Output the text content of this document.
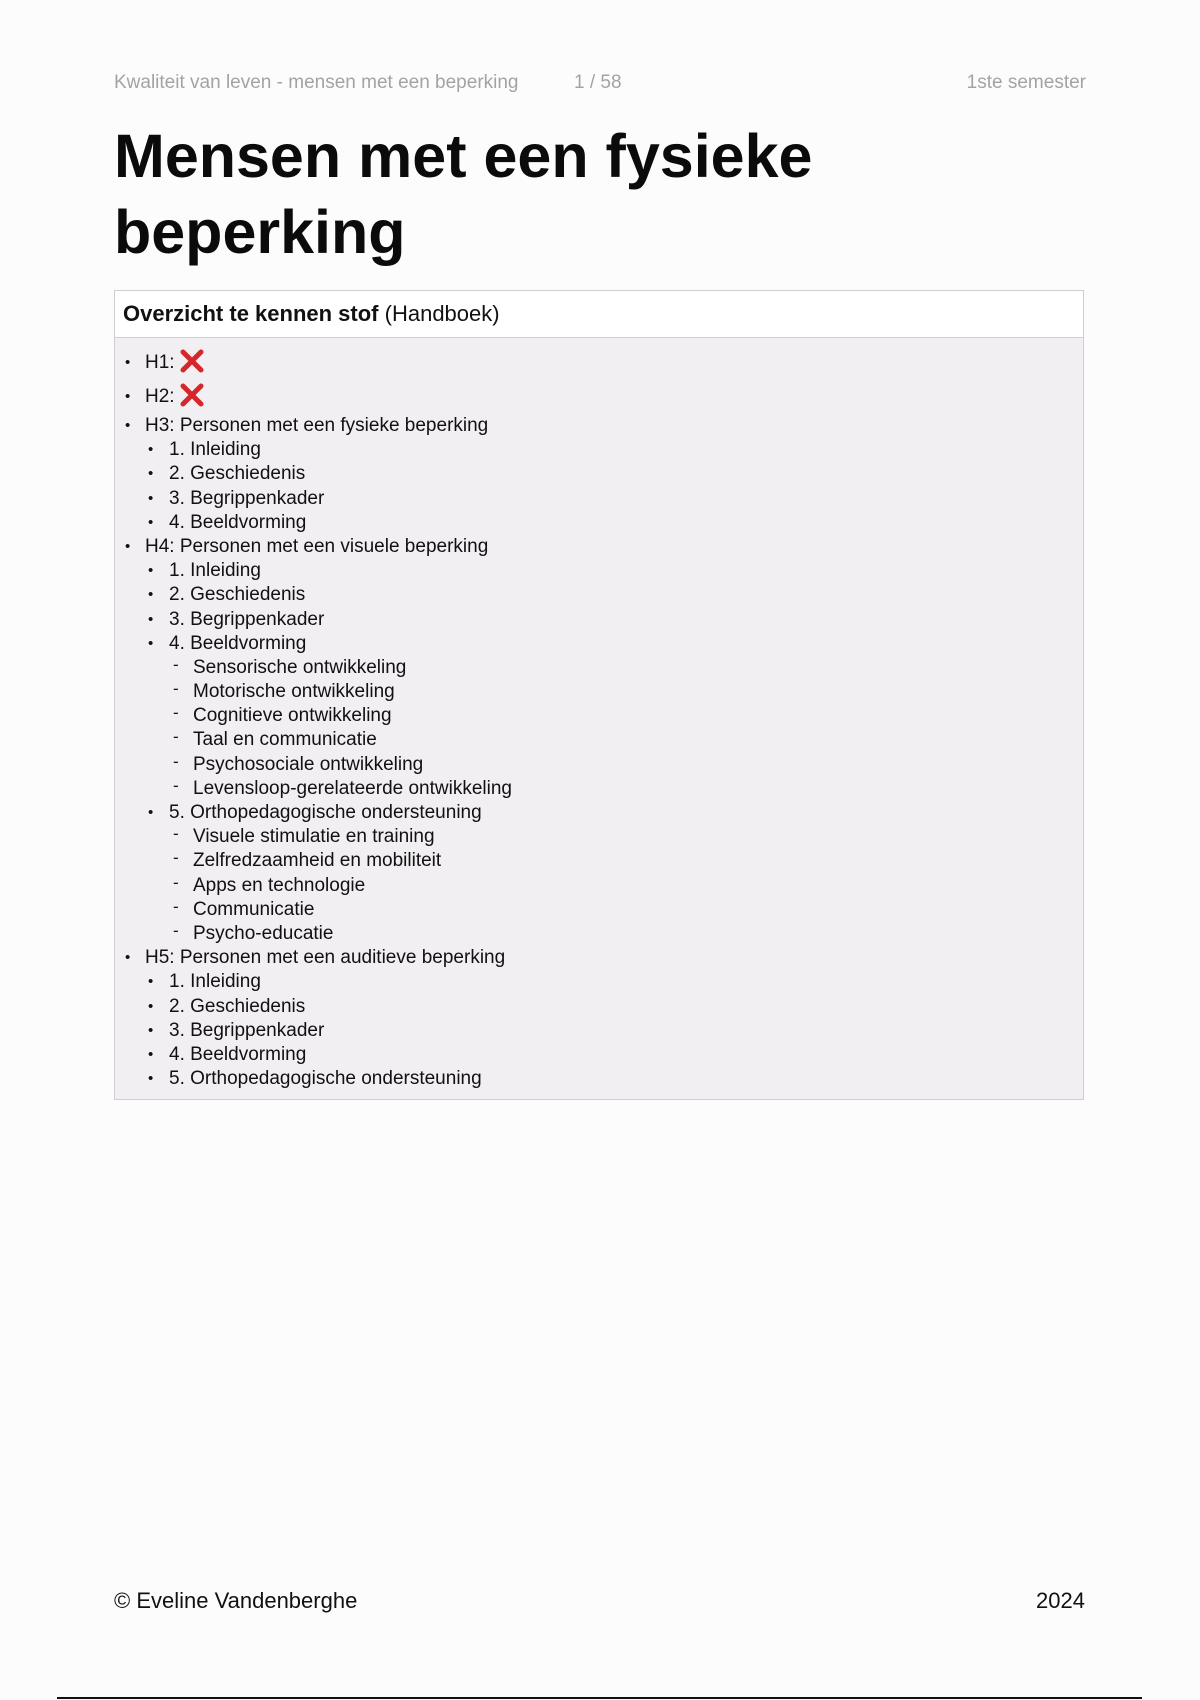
Kwaliteit van leven - mensen met een beperking	1 / 58	1ste semester
Mensen met een fysieke beperking
Overzicht te kennen stof (Handboek)
• H1:
• H2:
• H3: Personen met een fysieke beperking
• 1. Inleiding
• 2. Geschiedenis
• 3. Begrippenkader
• 4. Beeldvorming
• H4: Personen met een visuele beperking
• 1. Inleiding
• 2. Geschiedenis
• 3. Begrippenkader
• 4. Beeldvorming
- Sensorische ontwikkeling
- Motorische ontwikkeling
- Cognitieve ontwikkeling
- Taal en communicatie
- Psychosociale ontwikkeling
- Levensloop-gerelateerde ontwikkeling
• 5. Orthopedagogische ondersteuning
- Visuele stimulatie en training
- Zelfredzaamheid en mobiliteit
- Apps en technologie
- Communicatie
- Psycho-educatie
• H5: Personen met een auditieve beperking
• 1. Inleiding
• 2. Geschiedenis
• 3. Begrippenkader
• 4. Beeldvorming
• 5. Orthopedagogische ondersteuning
© Eveline Vandenberghe	2024
